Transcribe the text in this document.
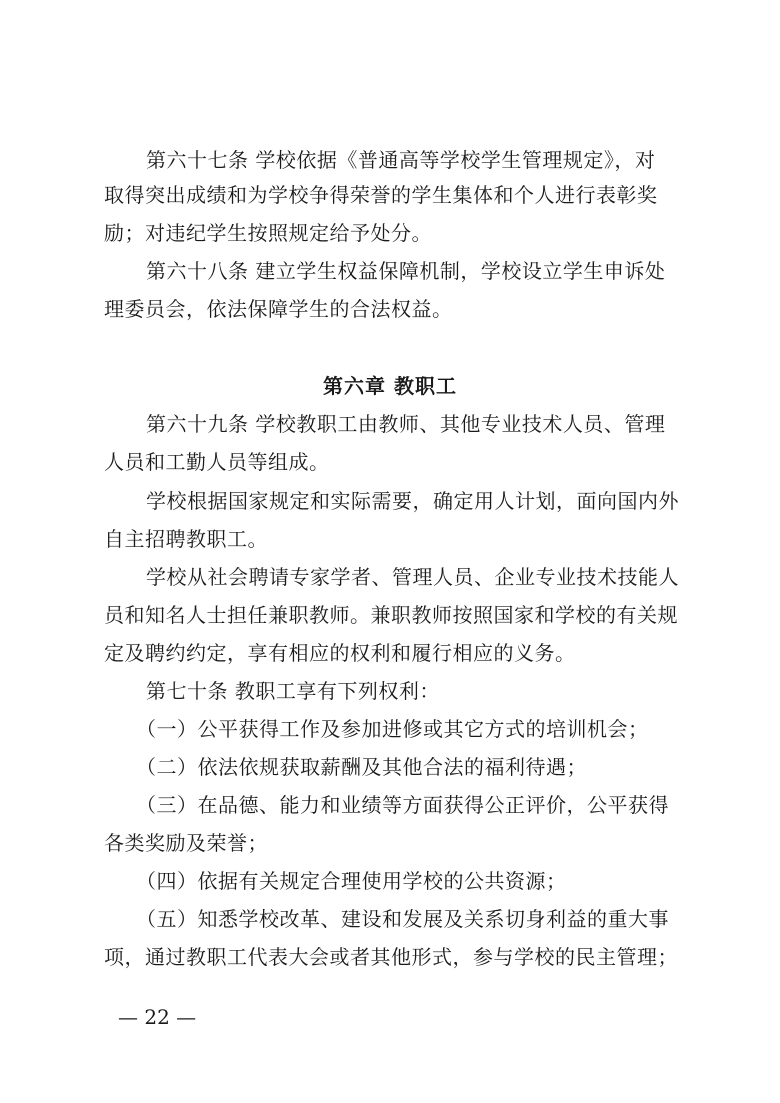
第六十七条 学校依据《普通高等学校学生管理规定》，对
取得突出成绩和为学校争得荣誉的学生集体和个人进行表彰奖
励；对违纪学生按照规定给予处分。
第六十八条 建立学生权益保障机制，学校设立学生申诉处
理委员会，依法保障学生的合法权益。
第六章 教职工
第六十九条 学校教职工由教师、其他专业技术人员、管理
人员和工勤人员等组成。
学校根据国家规定和实际需要，确定用人计划，面向国内外
自主招聘教职工。
学校从社会聘请专家学者、管理人员、企业专业技术技能人
员和知名人士担任兼职教师。兼职教师按照国家和学校的有关规
定及聘约约定，享有相应的权利和履行相应的义务。
第七十条 教职工享有下列权利：
（一）公平获得工作及参加进修或其它方式的培训机会；
（二）依法依规获取薪酬及其他合法的福利待遇；
（三）在品德、能力和业绩等方面获得公正评价，公平获得
各类奖励及荣誉；
（四）依据有关规定合理使用学校的公共资源；
（五）知悉学校改革、建设和发展及关系切身利益的重大事
项，通过教职工代表大会或者其他形式，参与学校的民主管理；
— 22 —
